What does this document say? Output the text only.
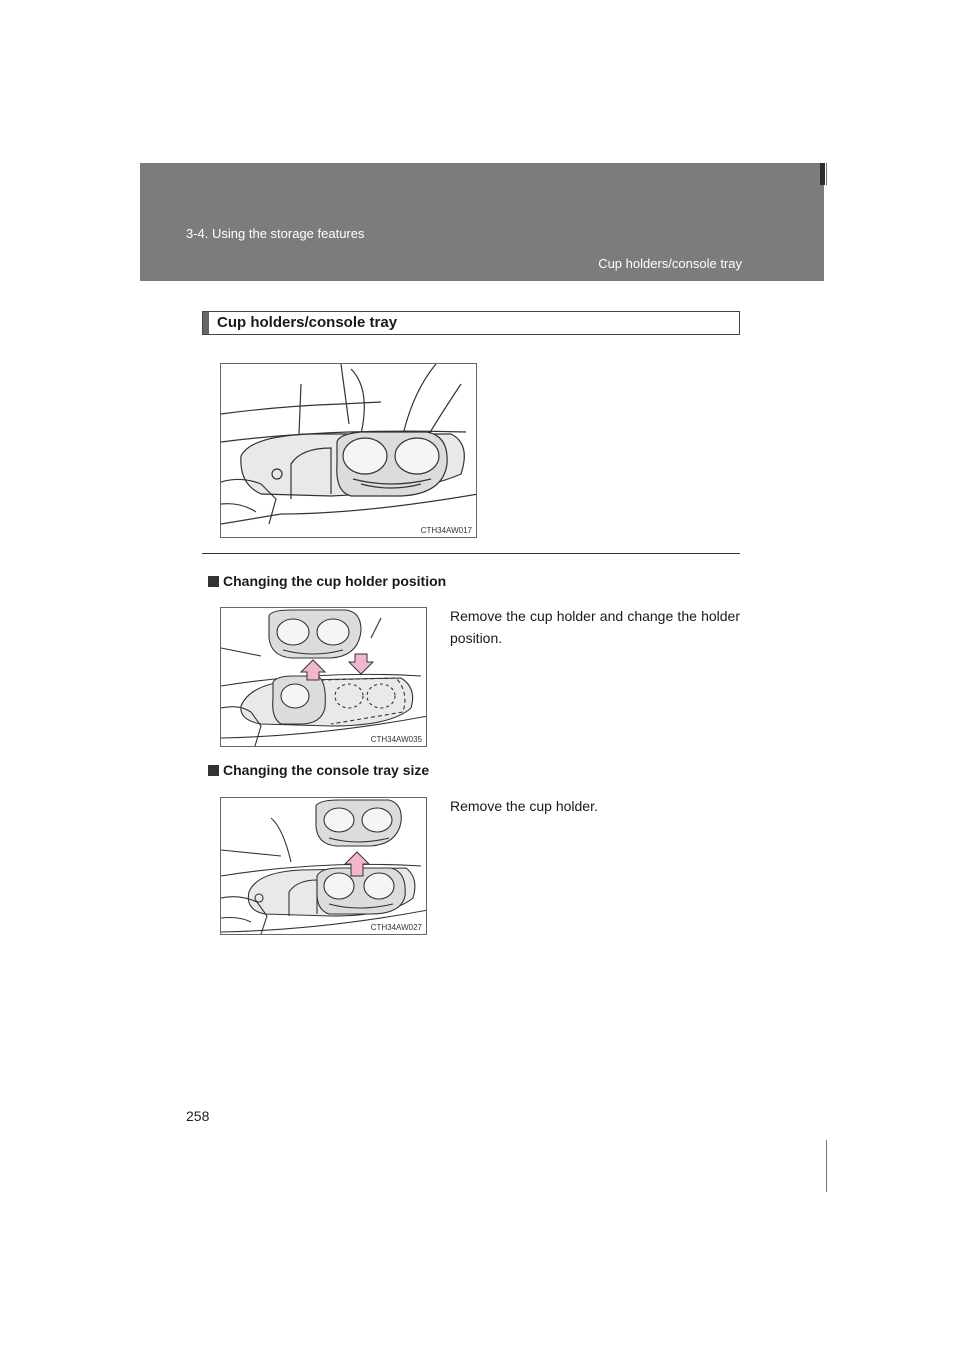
3-4. Using the storage features
Cup holders/console tray
Cup holders/console tray
CTH34AW017
Changing the cup holder position
CTH34AW035
Remove the cup holder and change the holder position.
Changing the console tray size
CTH34AW027
Remove the cup holder.
258
